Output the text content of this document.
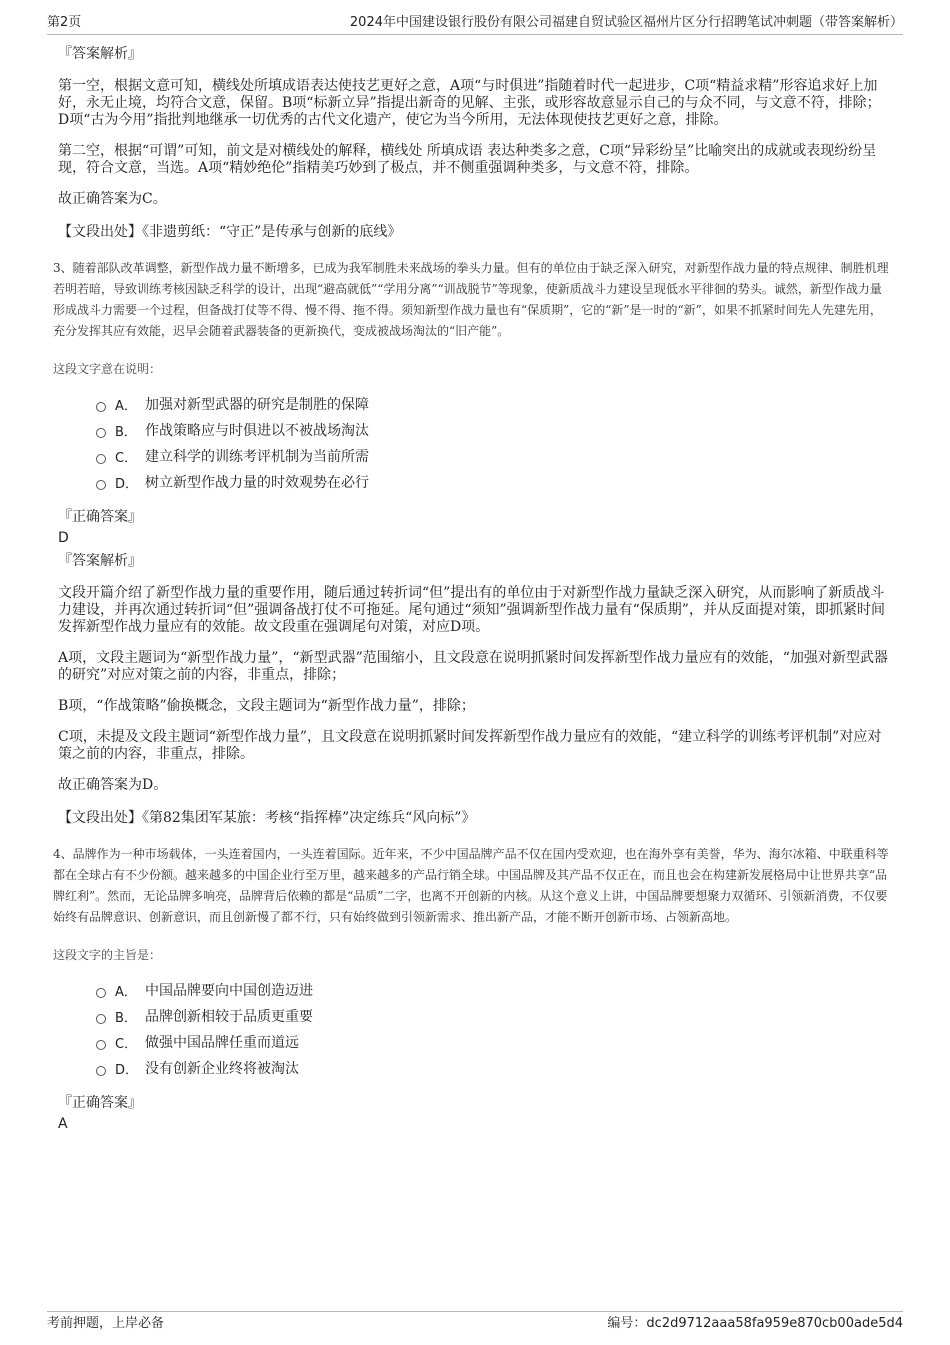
第2页	2024年中国建设银行股份有限公司福建自贸试验区福州片区分行招聘笔试冲刺题（带答案解析）
『答案解析』

第一空，根据文意可知，横线处所填成语表达使技艺更好之意，A项“与时俱进”指随着时代一起进步，C项“精益求精”形容追求好上加好，永无止境，均符合文意，保留。B项“标新立异”指提出新奇的见解、主张，或形容故意显示自己的与众不同，与文意不符，排除；D项“古为今用”指批判地继承一切优秀的古代文化遗产，使它为当今所用，无法体现使技艺更好之意，排除。

第二空，根据“可谓”可知，前文是对横线处的解释，横线处 所填成语 表达种类多之意，C项“异彩纷呈”比喻突出的成就或表现纷纷呈现，符合文意，当选。A项“精妙绝伦”指精美巧妙到了极点，并不侧重强调种类多，与文意不符，排除。

故正确答案为C。

【文段出处】《非遗剪纸：“守正”是传承与创新的底线》

3、随着部队改革调整，新型作战力量不断增多，已成为我军制胜未来战场的拳头力量。但有的单位由于缺乏深入研究，对新型作战力量的特点规律、制胜机理若明若暗，导致训练考核因缺乏科学的设计，出现“避高就低”“学用分离”“训战脱节”等现象，使新质战斗力建设呈现低水平徘徊的势头。诚然，新型作战力量形成战斗力需要一个过程，但备战打仗等不得、慢不得、拖不得。须知新型作战力量也有“保质期”，它的“新”是一时的“新”，如果不抓紧时间先人先建先用，充分发挥其应有效能，迟早会随着武器装备的更新换代，变成被战场淘汰的“旧产能”。

这段文字意在说明：

A． 加强对新型武器的研究是制胜的保障
B． 作战策略应与时俱进以不被战场淘汰
C． 建立科学的训练考评机制为当前所需
D． 树立新型作战力量的时效观势在必行
『正确答案』
D
『答案解析』

文段开篇介绍了新型作战力量的重要作用，随后通过转折词“但”提出有的单位由于对新型作战力量缺乏深入研究，从而影响了新质战斗力建设，并再次通过转折词“但”强调备战打仗不可拖延。尾句通过“须知”强调新型作战力量有“保质期”，并从反面提对策，即抓紧时间发挥新型作战力量应有的效能。故文段重在强调尾句对策，对应D项。

A项，文段主题词为“新型作战力量”，“新型武器”范围缩小，且文段意在说明抓紧时间发挥新型作战力量应有的效能，“加强对新型武器的研究”对应对策之前的内容，非重点，排除；

B项，“作战策略”偷换概念，文段主题词为“新型作战力量”，排除；

C项，未提及文段主题词“新型作战力量”，且文段意在说明抓紧时间发挥新型作战力量应有的效能，“建立科学的训练考评机制”对应对策之前的内容，非重点，排除。

故正确答案为D。

【文段出处】《第82集团军某旅：考核“指挥棒”决定练兵“风向标”》

4、品牌作为一种市场载体，一头连着国内，一头连着国际。近年来，不少中国品牌产品不仅在国内受欢迎，也在海外享有美誉，华为、海尔冰箱、中联重科等都在全球占有不少份额。越来越多的中国企业行至万里，越来越多的产品行销全球。中国品牌及其产品不仅正在，而且也会在构建新发展格局中让世界共享“品牌红利”。然而，无论品牌多响亮，品牌背后依赖的都是“品质”二字，也离不开创新的内核。从这个意义上讲，中国品牌要想聚力双循环、引领新消费，不仅要始终有品牌意识、创新意识，而且创新慢了都不行，只有始终做到引领新需求、推出新产品，才能不断开创新市场、占领新高地。

这段文字的主旨是：

A． 中国品牌要向中国创造迈进
B． 品牌创新相较于品质更重要
C． 做强中国品牌任重而道远
D． 没有创新企业终将被淘汰
『正确答案』
A
考前押题，上岸必备	编号：dc2d9712aaa58fa959e870cb00ade5d4
